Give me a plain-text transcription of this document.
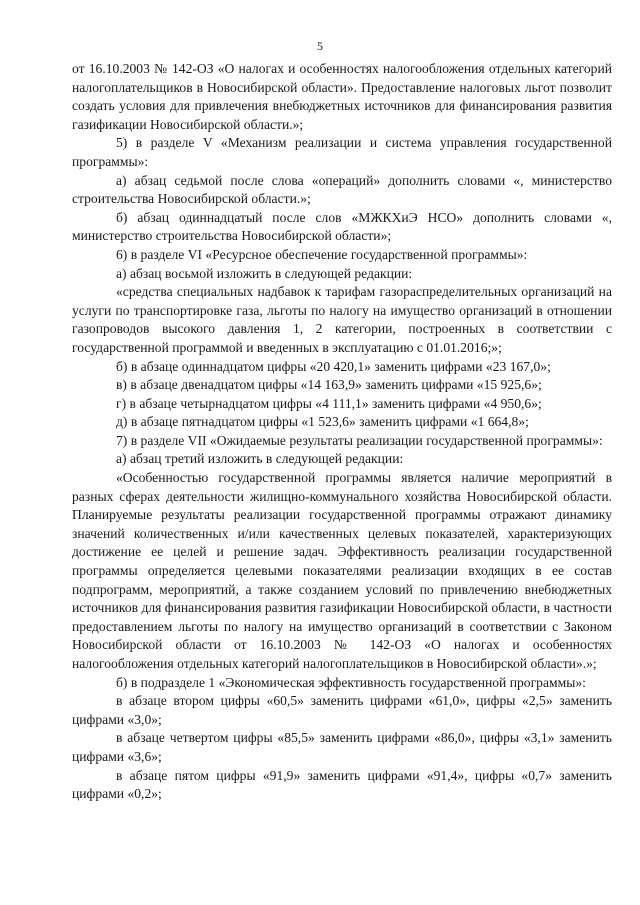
5

от 16.10.2003 № 142-ОЗ «О налогах и особенностях налогообложения отдельных категорий налогоплательщиков в Новосибирской области». Предоставление налоговых льгот позволит создать условия для привлечения внебюджетных источников для финансирования развития газификации Новосибирской области.»;

5) в разделе V «Механизм реализации и система управления государственной программы»:

а) абзац седьмой после слова «операций» дополнить словами «, министерство строительства Новосибирской области.»;

б) абзац одиннадцатый после слов «МЖКХиЭ НСО» дополнить словами «, министерство строительства Новосибирской области»;

6) в разделе VI «Ресурсное обеспечение государственной программы»:

а) абзац восьмой изложить в следующей редакции:

«средства специальных надбавок к тарифам газораспределительных организаций на услуги по транспортировке газа, льготы по налогу на имущество организаций в отношении газопроводов высокого давления 1, 2 категории, построенных в соответствии с государственной программой и введенных в эксплуатацию с 01.01.2016;»;

б) в абзаце одиннадцатом цифры «20 420,1» заменить цифрами «23 167,0»;

в) в абзаце двенадцатом цифры «14 163,9» заменить цифрами «15 925,6»;

г) в абзаце четырнадцатом цифры «4 111,1» заменить цифрами «4 950,6»;

д) в абзаце пятнадцатом цифры «1 523,6» заменить цифрами «1 664,8»;

7) в разделе VII «Ожидаемые результаты реализации государственной программы»:

а) абзац третий изложить в следующей редакции:

«Особенностью государственной программы является наличие мероприятий в разных сферах деятельности жилищно-коммунального хозяйства Новосибирской области. Планируемые результаты реализации государственной программы отражают динамику значений количественных и/или качественных целевых показателей, характеризующих достижение ее целей и решение задач. Эффективность реализации государственной программы определяется целевыми показателями реализации входящих в ее состав подпрограмм, мероприятий, а также созданием условий по привлечению внебюджетных источников для финансирования развития газификации Новосибирской области, в частности предоставлением льготы по налогу на имущество организаций в соответствии с Законом Новосибирской области от 16.10.2003 № 142-ОЗ «О налогах и особенностях налогообложения отдельных категорий налогоплательщиков в Новосибирской области».»;

б) в подразделе 1 «Экономическая эффективность государственной программы»:

в абзаце втором цифры «60,5» заменить цифрами «61,0», цифры «2,5» заменить цифрами «3,0»;

в абзаце четвертом цифры «85,5» заменить цифрами «86,0», цифры «3,1» заменить цифрами «3,6»;

в абзаце пятом цифры «91,9» заменить цифрами «91,4», цифры «0,7» заменить цифрами «0,2»;
